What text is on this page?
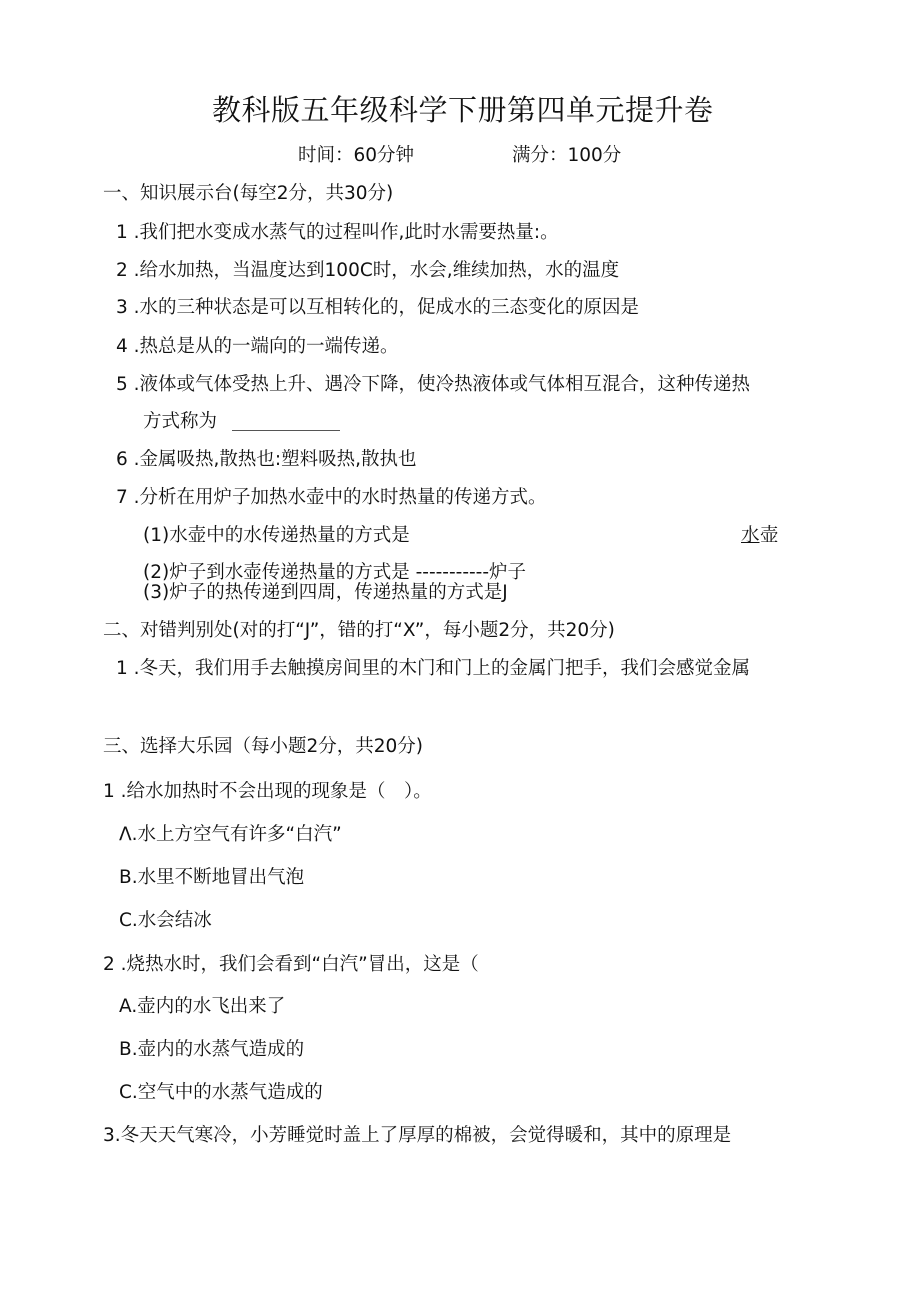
教科版五年级科学下册第四单元提升卷
时间：60分钟	满分：100分
一、知识展示台(每空2分，共30分)
1 .我们把水变成水蒸气的过程叫作,此时水需要热量:。
2 .给水加热，当温度达到100C时，水会,维续加热，水的温度
3 .水的三种状态是可以互相转化的，促成水的三态变化的原因是
4 .热总是从的一端向的一端传递。
5 .液体或气体受热上升、遇冷下降，使冷热液体或气体相互混合，这种传递热
方式称为
6 .金属吸热,散热也:塑料吸热,散执也
7 .分析在用炉子加热水壶中的水时热量的传递方式。
(1)水壶中的水传递热量的方式是	水 壶
(2)炉子到水壶传递热量的方式是 -----------炉子
(3)炉子的热传递到四周，传递热量的方式是J
二、对错判别处(对的打“J”，错的打“X”，每小题2分，共20分)
1 .冬天，我们用手去触摸房间里的木门和门上的金属门把手，我们会感觉金属
三、选择大乐园（每小题2分，共20分)
1 .给水加热时不会出现的现象是（　）。
Λ.水上方空气有许多“白汽”
B.水里不断地冒出气泡
C.水会结冰
2 .烧热水时，我们会看到“白汽”冒出，这是（
A.壶内的水飞出来了
B.壶内的水蒸气造成的
C.空气中的水蒸气造成的
3.冬天天气寒冷，小芳睡觉时盖上了厚厚的棉被，会觉得暖和，其中的原理是
